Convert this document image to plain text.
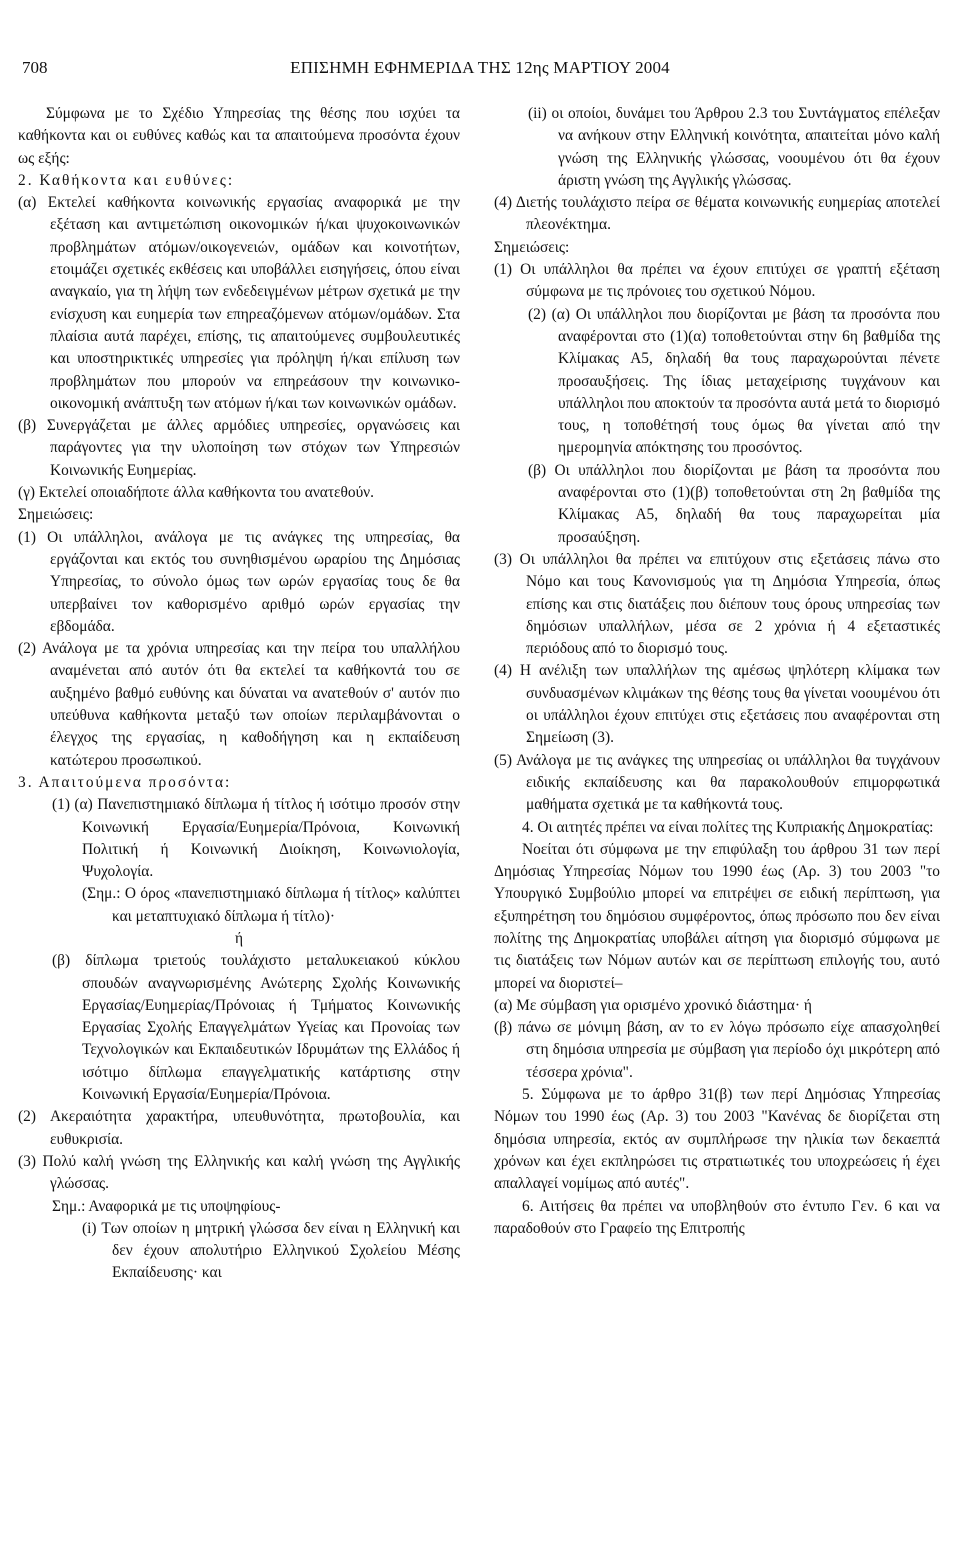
708	ΕΠΙΣΗΜΗ ΕΦΗΜΕΡΙΔΑ ΤΗΣ 12ης ΜΑΡΤΙΟΥ 2004

Σύμφωνα με το Σχέδιο Υπηρεσίας της θέσης που ισχύει τα καθήκοντα και οι ευθύνες καθώς και τα απαιτούμενα προσόντα έχουν ως εξής:

2. Καθήκοντα και ευθύνες:

(α) Εκτελεί καθήκοντα κοινωνικής εργασίας αναφορικά με την εξέταση και αντιμετώπιση οικονομικών ή/και ψυχοκοινωνικών προβλημάτων ατόμων/οικογενειών, ομάδων και κοινοτήτων, ετοιμάζει σχετικές εκθέσεις και υποβάλλει εισηγήσεις, όπου είναι αναγκαίο, για τη λήψη των ενδεδειγμένων μέτρων σχετικά με την ενίσχυση και ευημερία των επηρεαζόμενων ατόμων/ομάδων. Στα πλαίσια αυτά παρέχει, επίσης, τις απαιτούμενες συμβουλευτικές και υποστηρικτικές υπηρεσίες για πρόληψη ή/και επίλυση των προβλημάτων που μπορούν να επηρεάσουν την κοινωνικο-οικονομική ανάπτυξη των ατόμων ή/και των κοινωνικών ομάδων.

(β) Συνεργάζεται με άλλες αρμόδιες υπηρεσίες, οργανώσεις και παράγοντες για την υλοποίηση των στόχων των Υπηρεσιών Κοινωνικής Ευημερίας.

(γ) Εκτελεί οποιαδήποτε άλλα καθήκοντα του ανατεθούν.

Σημειώσεις:

(1) Οι υπάλληλοι, ανάλογα με τις ανάγκες της υπηρεσίας, θα εργάζονται και εκτός του συνηθισμένου ωραρίου της Δημόσιας Υπηρεσίας, το σύνολο όμως των ωρών εργασίας τους δε θα υπερβαίνει τον καθορισμένο αριθμό ωρών εργασίας την εβδομάδα.

(2) Ανάλογα με τα χρόνια υπηρεσίας και την πείρα του υπαλλήλου αναμένεται από αυτόν ότι θα εκτελεί τα καθήκοντά του σε αυξημένο βαθμό ευθύνης και δύναται να ανατεθούν σ' αυτόν πιο υπεύθυνα καθήκοντα μεταξύ των οποίων περιλαμβάνονται ο έλεγχος της εργασίας, η καθοδήγηση και η εκπαίδευση κατώτερου προσωπικού.

3. Απαιτούμενα προσόντα:

(1) (α) Πανεπιστημιακό δίπλωμα ή τίτλος ή ισότιμο προσόν στην Κοινωνική Εργασία/Ευημερία/Πρόνοια, Κοινωνική Πολιτική ή Κοινωνική Διοίκηση, Κοινωνιολογία, Ψυχολογία.

(Σημ.: Ο όρος «πανεπιστημιακό δίπλωμα ή τίτλος» καλύπτει και μεταπτυχιακό δίπλωμα ή τίτλο)·

ή

(β) δίπλωμα τριετούς τουλάχιστο μεταλυκειακού κύκλου σπουδών αναγνωρισμένης Ανώτερης Σχολής Κοινωνικής Εργασίας/Ευημερίας/Πρόνοιας ή Τμήματος Κοινωνικής Εργασίας Σχολής Επαγγελμάτων Υγείας και Προνοίας των Τεχνολογικών και Εκπαιδευτικών Ιδρυμάτων της Ελλάδος ή ισότιμο δίπλωμα επαγγελματικής κατάρτισης στην Κοινωνική Εργασία/Ευημερία/Πρόνοια.

(2) Ακεραιότητα χαρακτήρα, υπευθυνότητα, πρωτοβουλία, και ευθυκρισία.

(3) Πολύ καλή γνώση της Ελληνικής και καλή γνώση της Αγγλικής γλώσσας.

Σημ.: Αναφορικά με τις υποψηφίους-

(i) Των οποίων η μητρική γλώσσα δεν είναι η Ελληνική και δεν έχουν απολυτήριο Ελληνικού Σχολείου Μέσης Εκπαίδευσης· και

(ii) οι οποίοι, δυνάμει του Άρθρου 2.3 του Συντάγματος επέλεξαν να ανήκουν στην Ελληνική κοινότητα, απαιτείται μόνο καλή γνώση της Ελληνικής γλώσσας, νοουμένου ότι θα έχουν άριστη γνώση της Αγγλικής γλώσσας.

(4) Διετής τουλάχιστο πείρα σε θέματα κοινωνικής ευημερίας αποτελεί πλεονέκτημα.

Σημειώσεις:

(1) Οι υπάλληλοι θα πρέπει να έχουν επιτύχει σε γραπτή εξέταση σύμφωνα με τις πρόνοιες του σχετικού Νόμου.

(2) (α) Οι υπάλληλοι που διορίζονται με βάση τα προσόντα που αναφέρονται στο (1)(α) τοποθετούνται στην 6η βαθμίδα της Κλίμακας Α5, δηλαδή θα τους παραχωρούνται πένετε προσαυξήσεις. Της ίδιας μεταχείρισης τυγχάνουν και υπάλληλοι που αποκτούν τα προσόντα αυτά μετά το διορισμό τους, η τοποθέτησή τους όμως θα γίνεται από την ημερομηνία απόκτησης του προσόντος.

(β) Οι υπάλληλοι που διορίζονται με βάση τα προσόντα που αναφέρονται στο (1)(β) τοποθετούνται στη 2η βαθμίδα της Κλίμακας Α5, δηλαδή θα τους παραχωρείται μία προσαύξηση.

(3) Οι υπάλληλοι θα πρέπει να επιτύχουν στις εξετάσεις πάνω στο Νόμο και τους Κανονισμούς για τη Δημόσια Υπηρεσία, όπως επίσης και στις διατάξεις που διέπουν τους όρους υπηρεσίας των δημόσιων υπαλλήλων, μέσα σε 2 χρόνια ή 4 εξεταστικές περιόδους από το διορισμό τους.

(4) Η ανέλιξη των υπαλλήλων της αμέσως ψηλότερη κλίμακα των συνδυασμένων κλιμάκων της θέσης τους θα γίνεται νοουμένου ότι οι υπάλληλοι έχουν επιτύχει στις εξετάσεις που αναφέρονται στη Σημείωση (3).

(5) Ανάλογα με τις ανάγκες της υπηρεσίας οι υπάλληλοι θα τυγχάνουν ειδικής εκπαίδευσης και θα παρακολουθούν επιμορφωτικά μαθήματα σχετικά με τα καθήκοντά τους.

4. Οι αιτητές πρέπει να είναι πολίτες της Κυπριακής Δημοκρατίας:

Νοείται ότι σύμφωνα με την επιφύλαξη του άρθρου 31 των περί Δημόσιας Υπηρεσίας Νόμων του 1990 έως (Αρ. 3) του 2003 "το Υπουργικό Συμβούλιο μπορεί να επιτρέψει σε ειδική περίπτωση, για εξυπηρέτηση του δημόσιου συμφέροντος, όπως πρόσωπο που δεν είναι πολίτης της Δημοκρατίας υποβάλει αίτηση για διορισμό σύμφωνα με τις διατάξεις των Νόμων αυτών και σε περίπτωση επιλογής του, αυτό μπορεί να διοριστεί–

(α) Με σύμβαση για ορισμένο χρονικό διάστημα· ή

(β) πάνω σε μόνιμη βάση, αν το εν λόγω πρόσωπο είχε απασχοληθεί στη δημόσια υπηρεσία με σύμβαση για περίοδο όχι μικρότερη από τέσσερα χρόνια".

5. Σύμφωνα με το άρθρο 31(β) των περί Δημόσιας Υπηρεσίας Νόμων του 1990 έως (Αρ. 3) του 2003 "Κανένας δε διορίζεται στη δημόσια υπηρεσία, εκτός αν συμπλήρωσε την ηλικία των δεκαεπτά χρόνων και έχει εκπληρώσει τις στρατιωτικές του υποχρεώσεις ή έχει απαλλαγεί νομίμως από αυτές".

6. Αιτήσεις θα πρέπει να υποβληθούν στο έντυπο Γεν. 6 και να παραδοθούν στο Γραφείο της Επιτροπής
